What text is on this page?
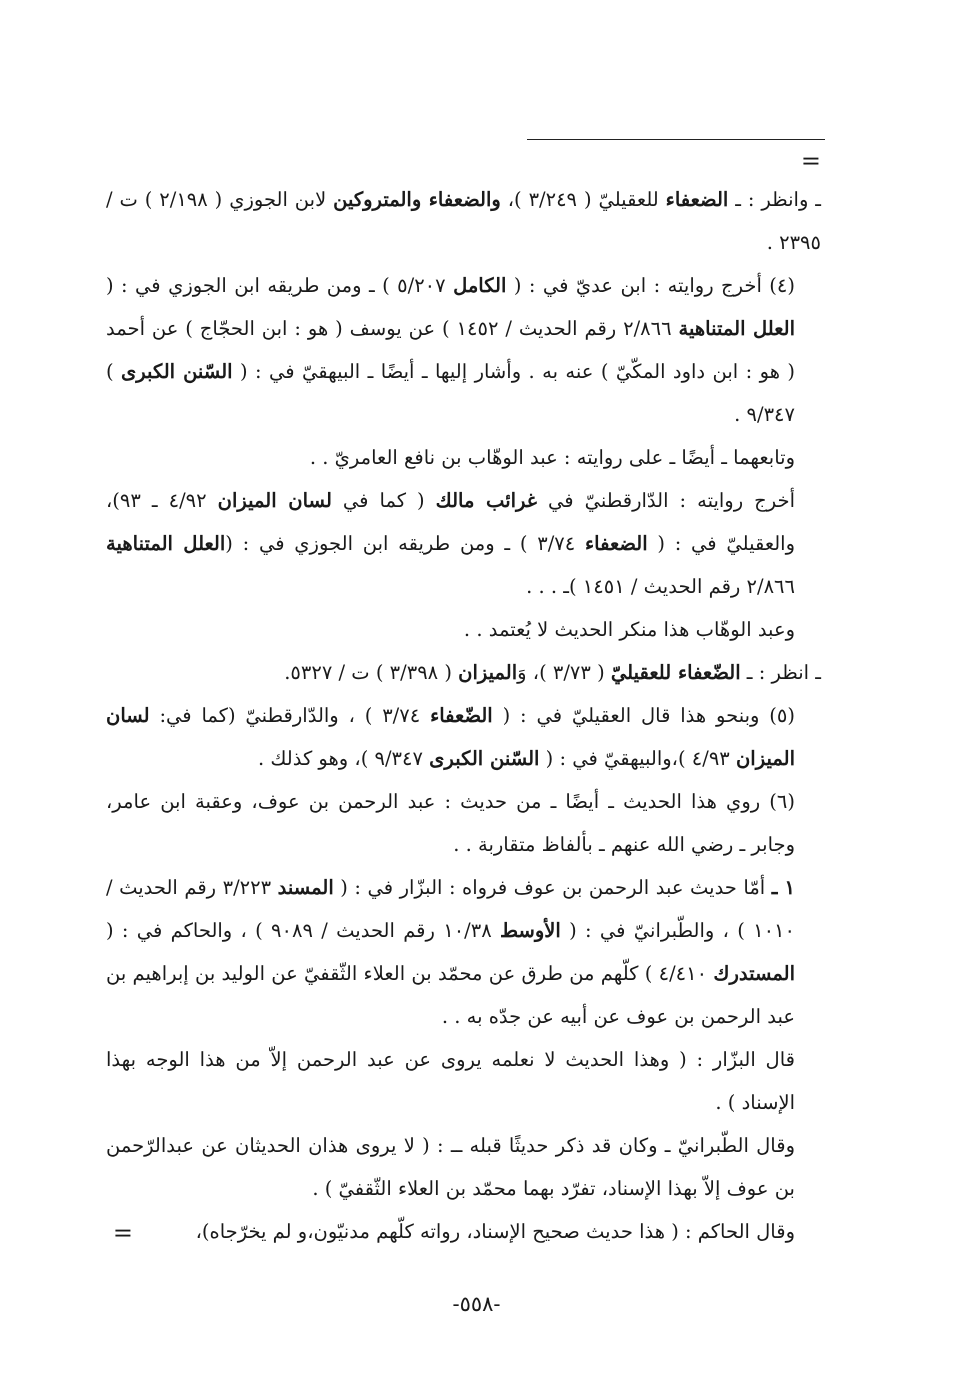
=

ـ وانظر : ـ الضعفاء للعقيليّ ( ٣/٢٤٩ )، والضعفاء والمتروكين لابن الجوزي ( ٢/١٩٨ ) ت / ٢٣٩٥ .

(٤) أخرج روايته : ابن عديّ في : ( الكامل ٥/٢٠٧ ) ـ ومن طريقه ابن الجوزي في : ( العلل المتناهية ٢/٨٦٦ رقم الحديث / ١٤٥٢ ) عن يوسف ( هو : ابن الحجّاج ) عن أحمد ( هو : ابن داود المكّيّ ) عنه به . وأشار إليها ـ أيضًا ـ البيهقيّ في : ( السّنن الكبرى ) ٩/٣٤٧ .

وتابعهما ـ أيضًا ـ على روايته : عبد الوهّاب بن نافع العامريّ . .

أخرج روايته : الدّارقطنيّ في غرائب مالك ( كما في لسان الميزان ٤/٩٢ ـ ٩٣)، والعقيليّ في : ( الضعفاء ٣/٧٤ ) ـ ومن طريقه ابن الجوزي في : (العلل المتناهية ٢/٨٦٦ رقم الحديث / ١٤٥١ )ـ . . .

وعبد الوهّاب هذا منكر الحديث لا يُعتمد . .

ـ انظر : ـ الضّعفاء للعقيليّ ( ٣/٧٣ )، وَالميزان ( ٣/٣٩٨ ) ت / ٥٣٢٧.

(٥) وبنحو هذا قال العقيليّ في : ( الضّعفاء ٣/٧٤ ) ، والدّارقطنيّ (كما في: لسان الميزان ٤/٩٣ )،والبيهقيّ في : ( السّنن الكبرى ٩/٣٤٧ )، وهو كذلك .

(٦) روي هذا الحديث ـ أيضًا ـ من حديث : عبد الرحمن بن عوف، وعقبة ابن عامر، وجابر ـ رضي الله عنهم ـ بألفاظ متقاربة . .

١ ـ أمّا حديث عبد الرحمن بن عوف فرواه : البزّار في : ( المسند ٣/٢٢٣ رقم الحديث / ١٠١٠ ) ، والطّبرانيّ في : ( الأوسط ١٠/٣٨ رقم الحديث / ٩٠٨٩ ) ، والحاكم في : ( المستدرك ٤/٤١٠ ) كلّهم من طرق عن محمّد بن العلاء الثّقفيّ عن الوليد بن إبراهيم بن عبد الرحمن بن عوف عن أبيه عن جدّه به . .

قال البزّار : ( وهذا الحديث لا نعلمه يروى عن عبد الرحمن إلاّ من هذا الوجه بهذا الإسناد ) .

وقال الطّبرانيّ ـ وكان قد ذكر حديثًا قبله ــ : ( لا يروى هذان الحديثان عن عبدالرّحمن بن عوف إلاّ بهذا الإسناد، تفرّد بهما محمّد بن العلاء الثّقفيّ ) .

وقال الحاكم : ( هذا حديث صحيح الإسناد، رواته كلّهم مدنيّون،و لم يخرّجاه)،

=
-٥٥٨-
